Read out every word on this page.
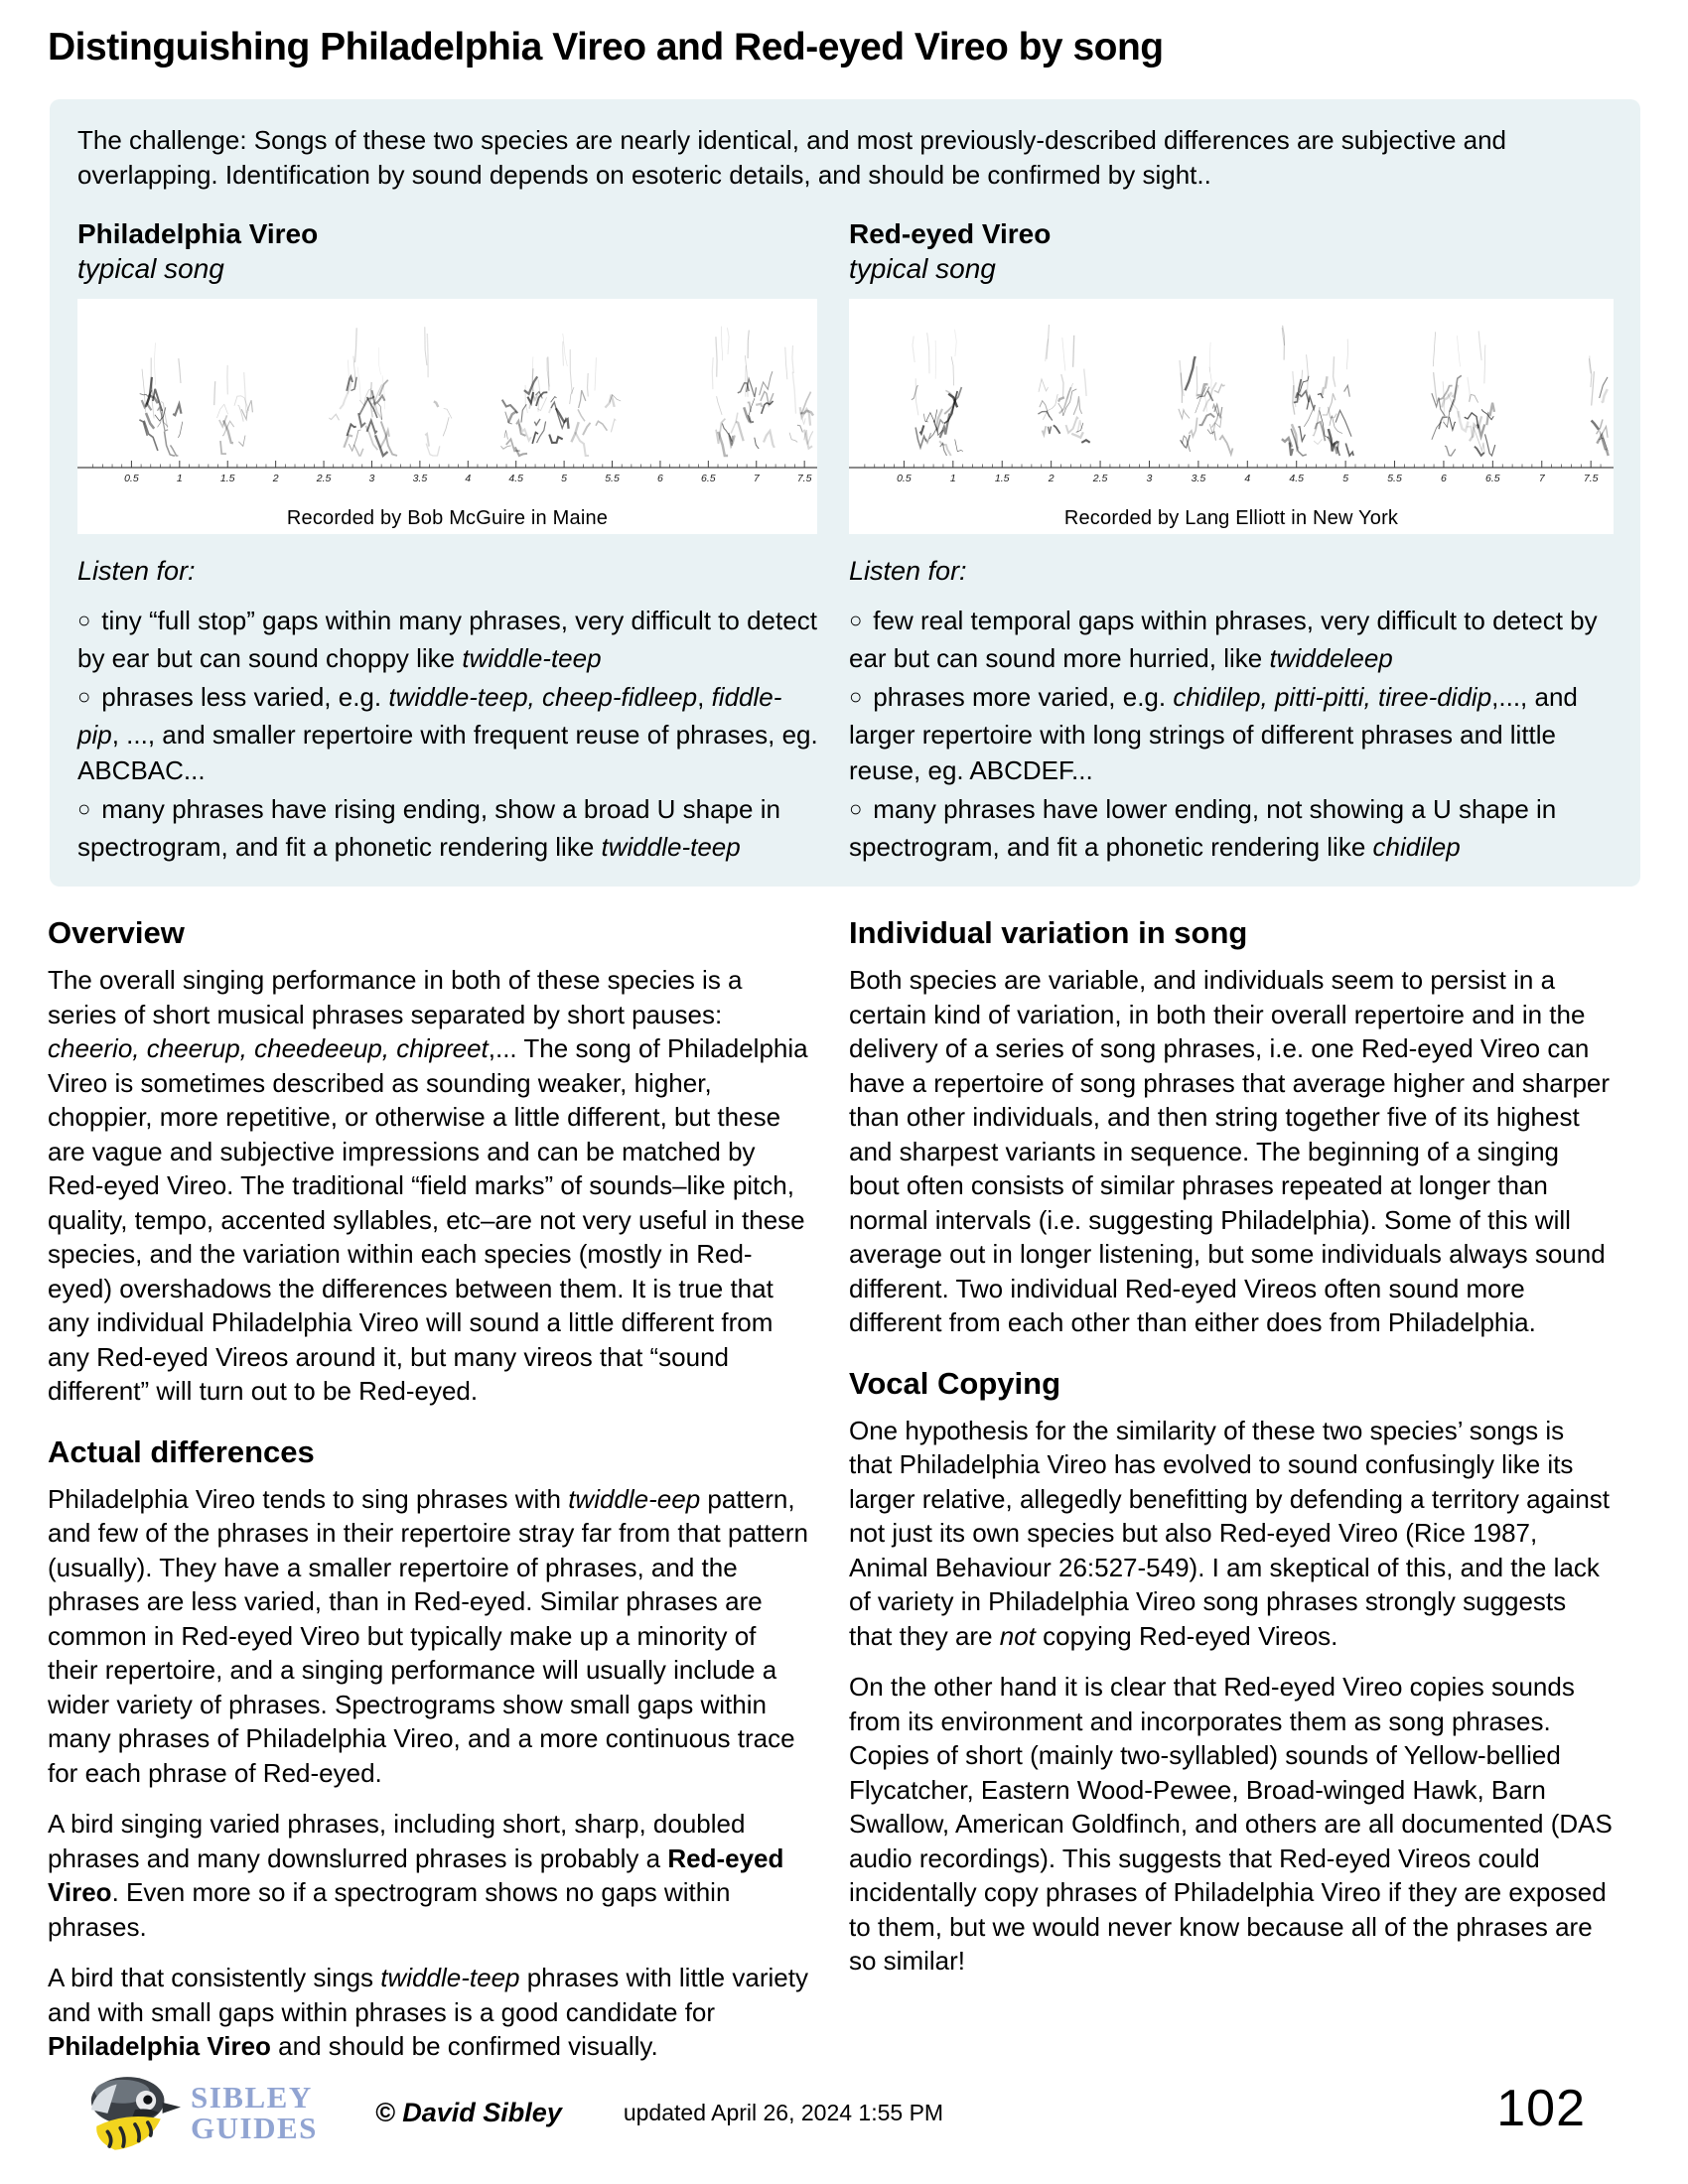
Distinguishing Philadelphia Vireo and Red-eyed Vireo by song

The challenge: Songs of these two species are nearly identical, and most previously-described differences are subjective and overlapping. Identification by sound depends on esoteric details, and should be confirmed by sight..

Philadelphia Vireo
typical song
0.5	1	1.5	2	2.5	3	3.5	4	4.5	5	5.5	6	6.5	7	7.5
Recorded by Bob McGuire in Maine
Listen for:

○ tiny “full stop” gaps within many phrases, very difficult to detect by ear but can sound choppy like twiddle-teep

○ phrases less varied, e.g. twiddle-teep, cheep-fidleep, fiddle-pip, ..., and smaller repertoire with frequent reuse of phrases, eg. ABCBAC...

○ many phrases have rising ending, show a broad U shape in spectrogram, and fit a phonetic rendering like twiddle-teep

Red-eyed Vireo
typical song
0.5	1	1.5	2	2.5	3	3.5	4	4.5	5	5.5	6	6.5	7	7.5
Recorded by Lang Elliott in New York
Listen for:

○ few real temporal gaps within phrases, very difficult to detect by ear but can sound more hurried, like twiddeleep

○ phrases more varied, e.g. chidilep, pitti-pitti, tiree-didip,..., and larger repertoire with long strings of different phrases and little reuse, eg. ABCDEF...

○ many phrases have lower ending, not showing a U shape in spectrogram, and fit a phonetic rendering like chidilep

Overview

The overall singing performance in both of these species is a series of short musical phrases separated by short pauses: cheerio, cheerup, cheedeeup, chipreet,... The song of Philadelphia Vireo is sometimes described as sounding weaker, higher, choppier, more repetitive, or otherwise a little different, but these are vague and subjective impressions and can be matched by Red-eyed Vireo. The traditional “field marks” of sounds–like pitch, quality, tempo, accented syllables, etc–are not very useful in these species, and the variation within each species (mostly in Red-eyed) overshadows the differences between them. It is true that any individual Philadelphia Vireo will sound a little different from any Red-eyed Vireos around it, but many vireos that “sound different” will turn out to be Red-eyed.

Actual differences

Philadelphia Vireo tends to sing phrases with twiddle-eep pattern, and few of the phrases in their repertoire stray far from that pattern (usually). They have a smaller repertoire of phrases, and the phrases are less varied, than in Red-eyed. Similar phrases are common in Red-eyed Vireo but typically make up a minority of their repertoire, and a singing performance will usually include a wider variety of phrases. Spectrograms show small gaps within many phrases of Philadelphia Vireo, and a more continuous trace for each phrase of Red-eyed.

A bird singing varied phrases, including short, sharp, doubled phrases and many downslurred phrases is probably a Red-eyed Vireo. Even more so if a spectrogram shows no gaps within phrases.

A bird that consistently sings twiddle-teep phrases with little variety and with small gaps within phrases is a good candidate for Philadelphia Vireo and should be confirmed visually.

Individual variation in song

Both species are variable, and individuals seem to persist in a certain kind of variation, in both their overall repertoire and in the delivery of a series of song phrases, i.e. one Red-eyed Vireo can have a repertoire of song phrases that average higher and sharper than other individuals, and then string together five of its highest and sharpest variants in sequence. The beginning of a singing bout often consists of similar phrases repeated at longer than normal intervals (i.e. suggesting Philadelphia). Some of this will average out in longer listening, but some individuals always sound different. Two individual Red-eyed Vireos often sound more different from each other than either does from Philadelphia.

Vocal Copying

One hypothesis for the similarity of these two species’ songs is that Philadelphia Vireo has evolved to sound confusingly like its larger relative, allegedly benefitting by defending a territory against not just its own species but also Red-eyed Vireo (Rice 1987, Animal Behaviour 26:527-549). I am skeptical of this, and the lack of variety in Philadelphia Vireo song phrases strongly suggests that they are not copying Red-eyed Vireos.

On the other hand it is clear that Red-eyed Vireo copies sounds from its environment and incorporates them as song phrases. Copies of short (mainly two-syllabled) sounds of Yellow-bellied Flycatcher, Eastern Wood-Pewee, Broad-winged Hawk, Barn Swallow, American Goldfinch, and others are all documented (DAS audio recordings). This suggests that Red-eyed Vireos could incidentally copy phrases of Philadelphia Vireo if they are exposed to them, but we would never know because all of the phrases are so similar!

SIBLEY
GUIDES © David Sibley	updated April 26, 2024 1:55 PM	102
